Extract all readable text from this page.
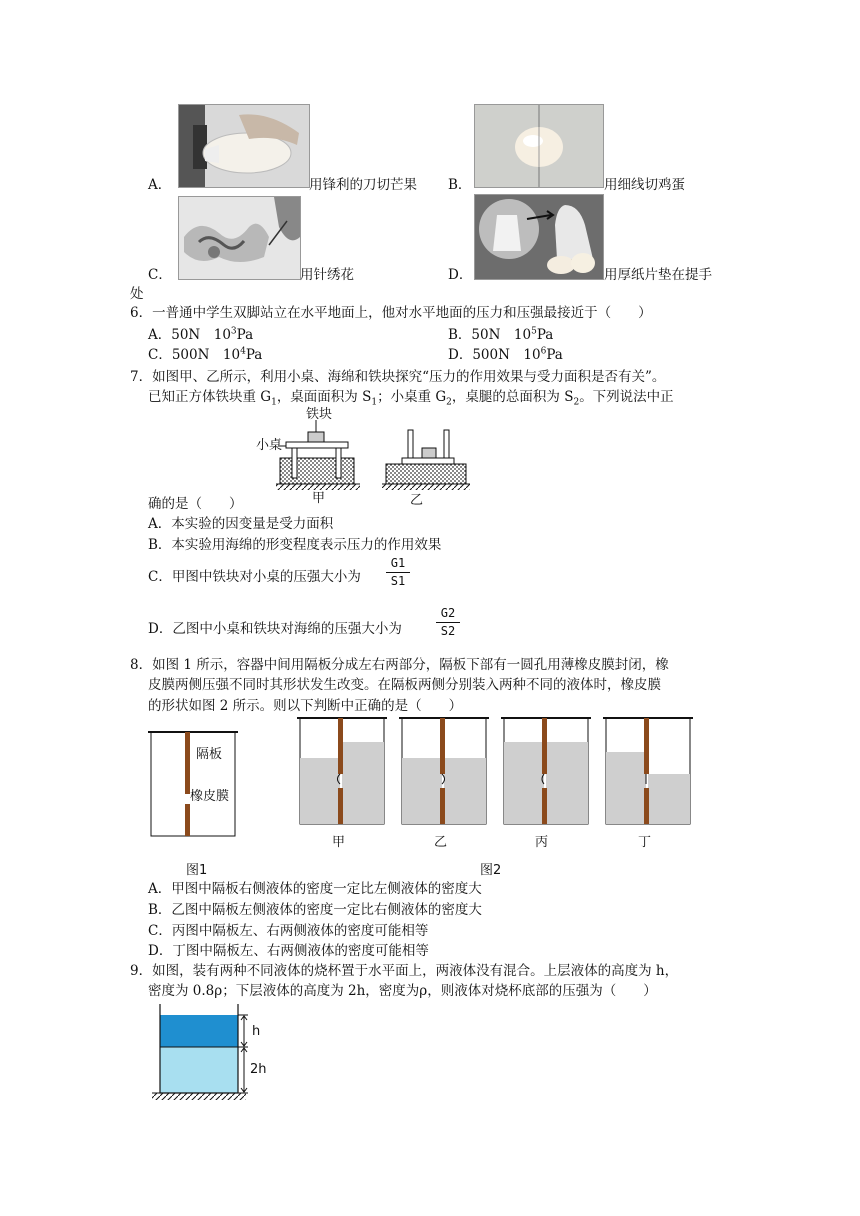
A．	用锋利的刀切芒果 B．	用细线切鸡蛋
C．	用针绣花	D．	用厚纸片垫在提手
处
6．一普通中学生双脚站立在水平地面上，他对水平地面的压力和压强最接近于（　　）
A．50N　$10^3Pa$	B．50N　$10^5Pa$
C．500N　$10^4Pa$	D．500N　$10^6Pa$
7．如图甲、乙所示，利用小桌、海绵和铁块探究“压力的作用效果与受力面积是否有关”。
已知正方体铁块重 $G_1$，桌面面积为 $S_1$；小桌重 $G_2$，桌腿的总面积为 $S_2$。下列说法中正
铁块
小桌
甲	乙
确的是（　　）
A．本实验的因变量是受力面积
B．本实验用海绵的形变程度表示压力的作用效果
C．甲图中铁块对小桌的压强大小为
G1
S1
D．乙图中小桌和铁块对海绵的压强大小为
G2
S2
8．如图 1 所示，容器中间用隔板分成左右两部分，隔板下部有一圆孔用薄橡皮膜封闭，橡
皮膜两侧压强不同时其形状发生改变。在隔板两侧分别装入两种不同的液体时，橡皮膜
的形状如图 2 所示。则以下判断中正确的是（　　）
隔板
橡皮膜
甲	乙	丙	丁
图1	图2
A．甲图中隔板右侧液体的密度一定比左侧液体的密度大
B．乙图中隔板左侧液体的密度一定比右侧液体的密度大
C．丙图中隔板左、右两侧液体的密度可能相等
D．丁图中隔板左、右两侧液体的密度可能相等
9．如图，装有两种不同液体的烧杯置于水平面上，两液体没有混合。上层液体的高度为 h，
密度为 0.8ρ；下层液体的高度为 2h，密度为ρ，则液体对烧杯底部的压强为（　　）
h
2h
